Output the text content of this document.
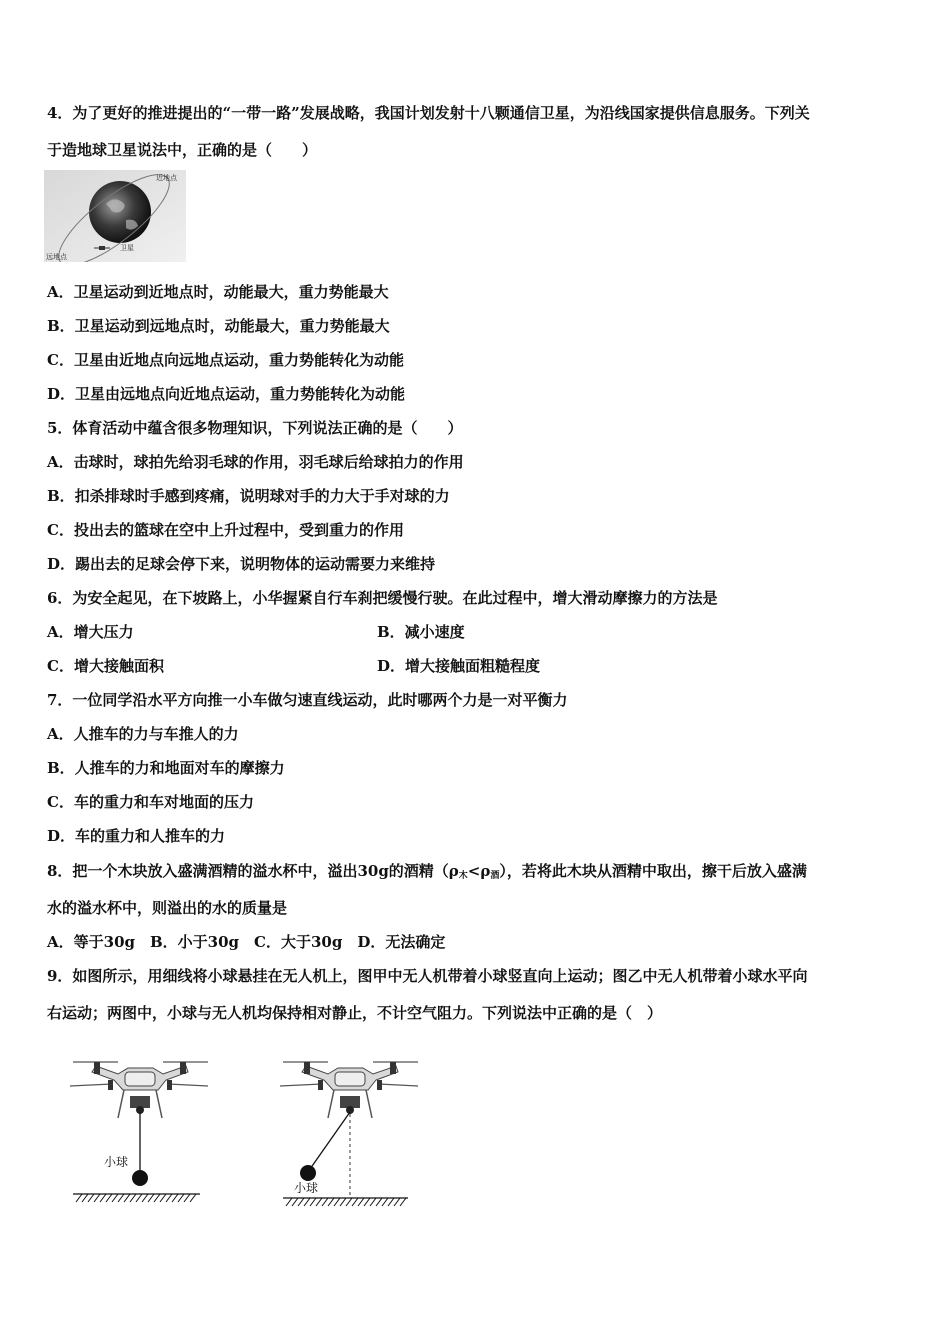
4．为了更好的推进提出的“一带一路”发展战略，我国计划发射十八颗通信卫星，为沿线国家提供信息服务。下列关
于造地球卫星说法中，正确的是（　　）
近地点
卫星
远地点
A．卫星运动到近地点时，动能最大，重力势能最大
B．卫星运动到远地点时，动能最大，重力势能最大
C．卫星由近地点向远地点运动，重力势能转化为动能
D．卫星由远地点向近地点运动，重力势能转化为动能
5．体育活动中蕴含很多物理知识，下列说法正确的是（　　）
A．击球时，球拍先给羽毛球的作用，羽毛球后给球拍力的作用
B．扣杀排球时手感到疼痛，说明球对手的力大于手对球的力
C．投出去的篮球在空中上升过程中，受到重力的作用
D．踢出去的足球会停下来，说明物体的运动需要力来维持
6．为安全起见，在下坡路上，小华握紧自行车刹把缓慢行驶。在此过程中，增大滑动摩擦力的方法是
A．增大压力	B．减小速度
C．增大接触面积	D．增大接触面粗糙程度
7．一位同学沿水平方向推一小车做匀速直线运动，此时哪两个力是一对平衡力
A．人推车的力与车推人的力
B．人推车的力和地面对车的摩擦力
C．车的重力和车对地面的压力
D．车的重力和人推车的力
8．把一个木块放入盛满酒精的溢水杯中，溢出30g的酒精$(\rho_木<\rho_酒)$，若将此木块从酒精中取出，擦干后放入盛满
水的溢水杯中，则溢出的水的质量是
A．等于30g　B．小于30g　C．大于30g　D．无法确定
9．如图所示，用细线将小球悬挂在无人机上，图甲中无人机带着小球竖直向上运动；图乙中无人机带着小球水平向
右运动；两图中，小球与无人机均保持相对静止，不计空气阻力。下列说法中正确的是（　）
小球
小球
